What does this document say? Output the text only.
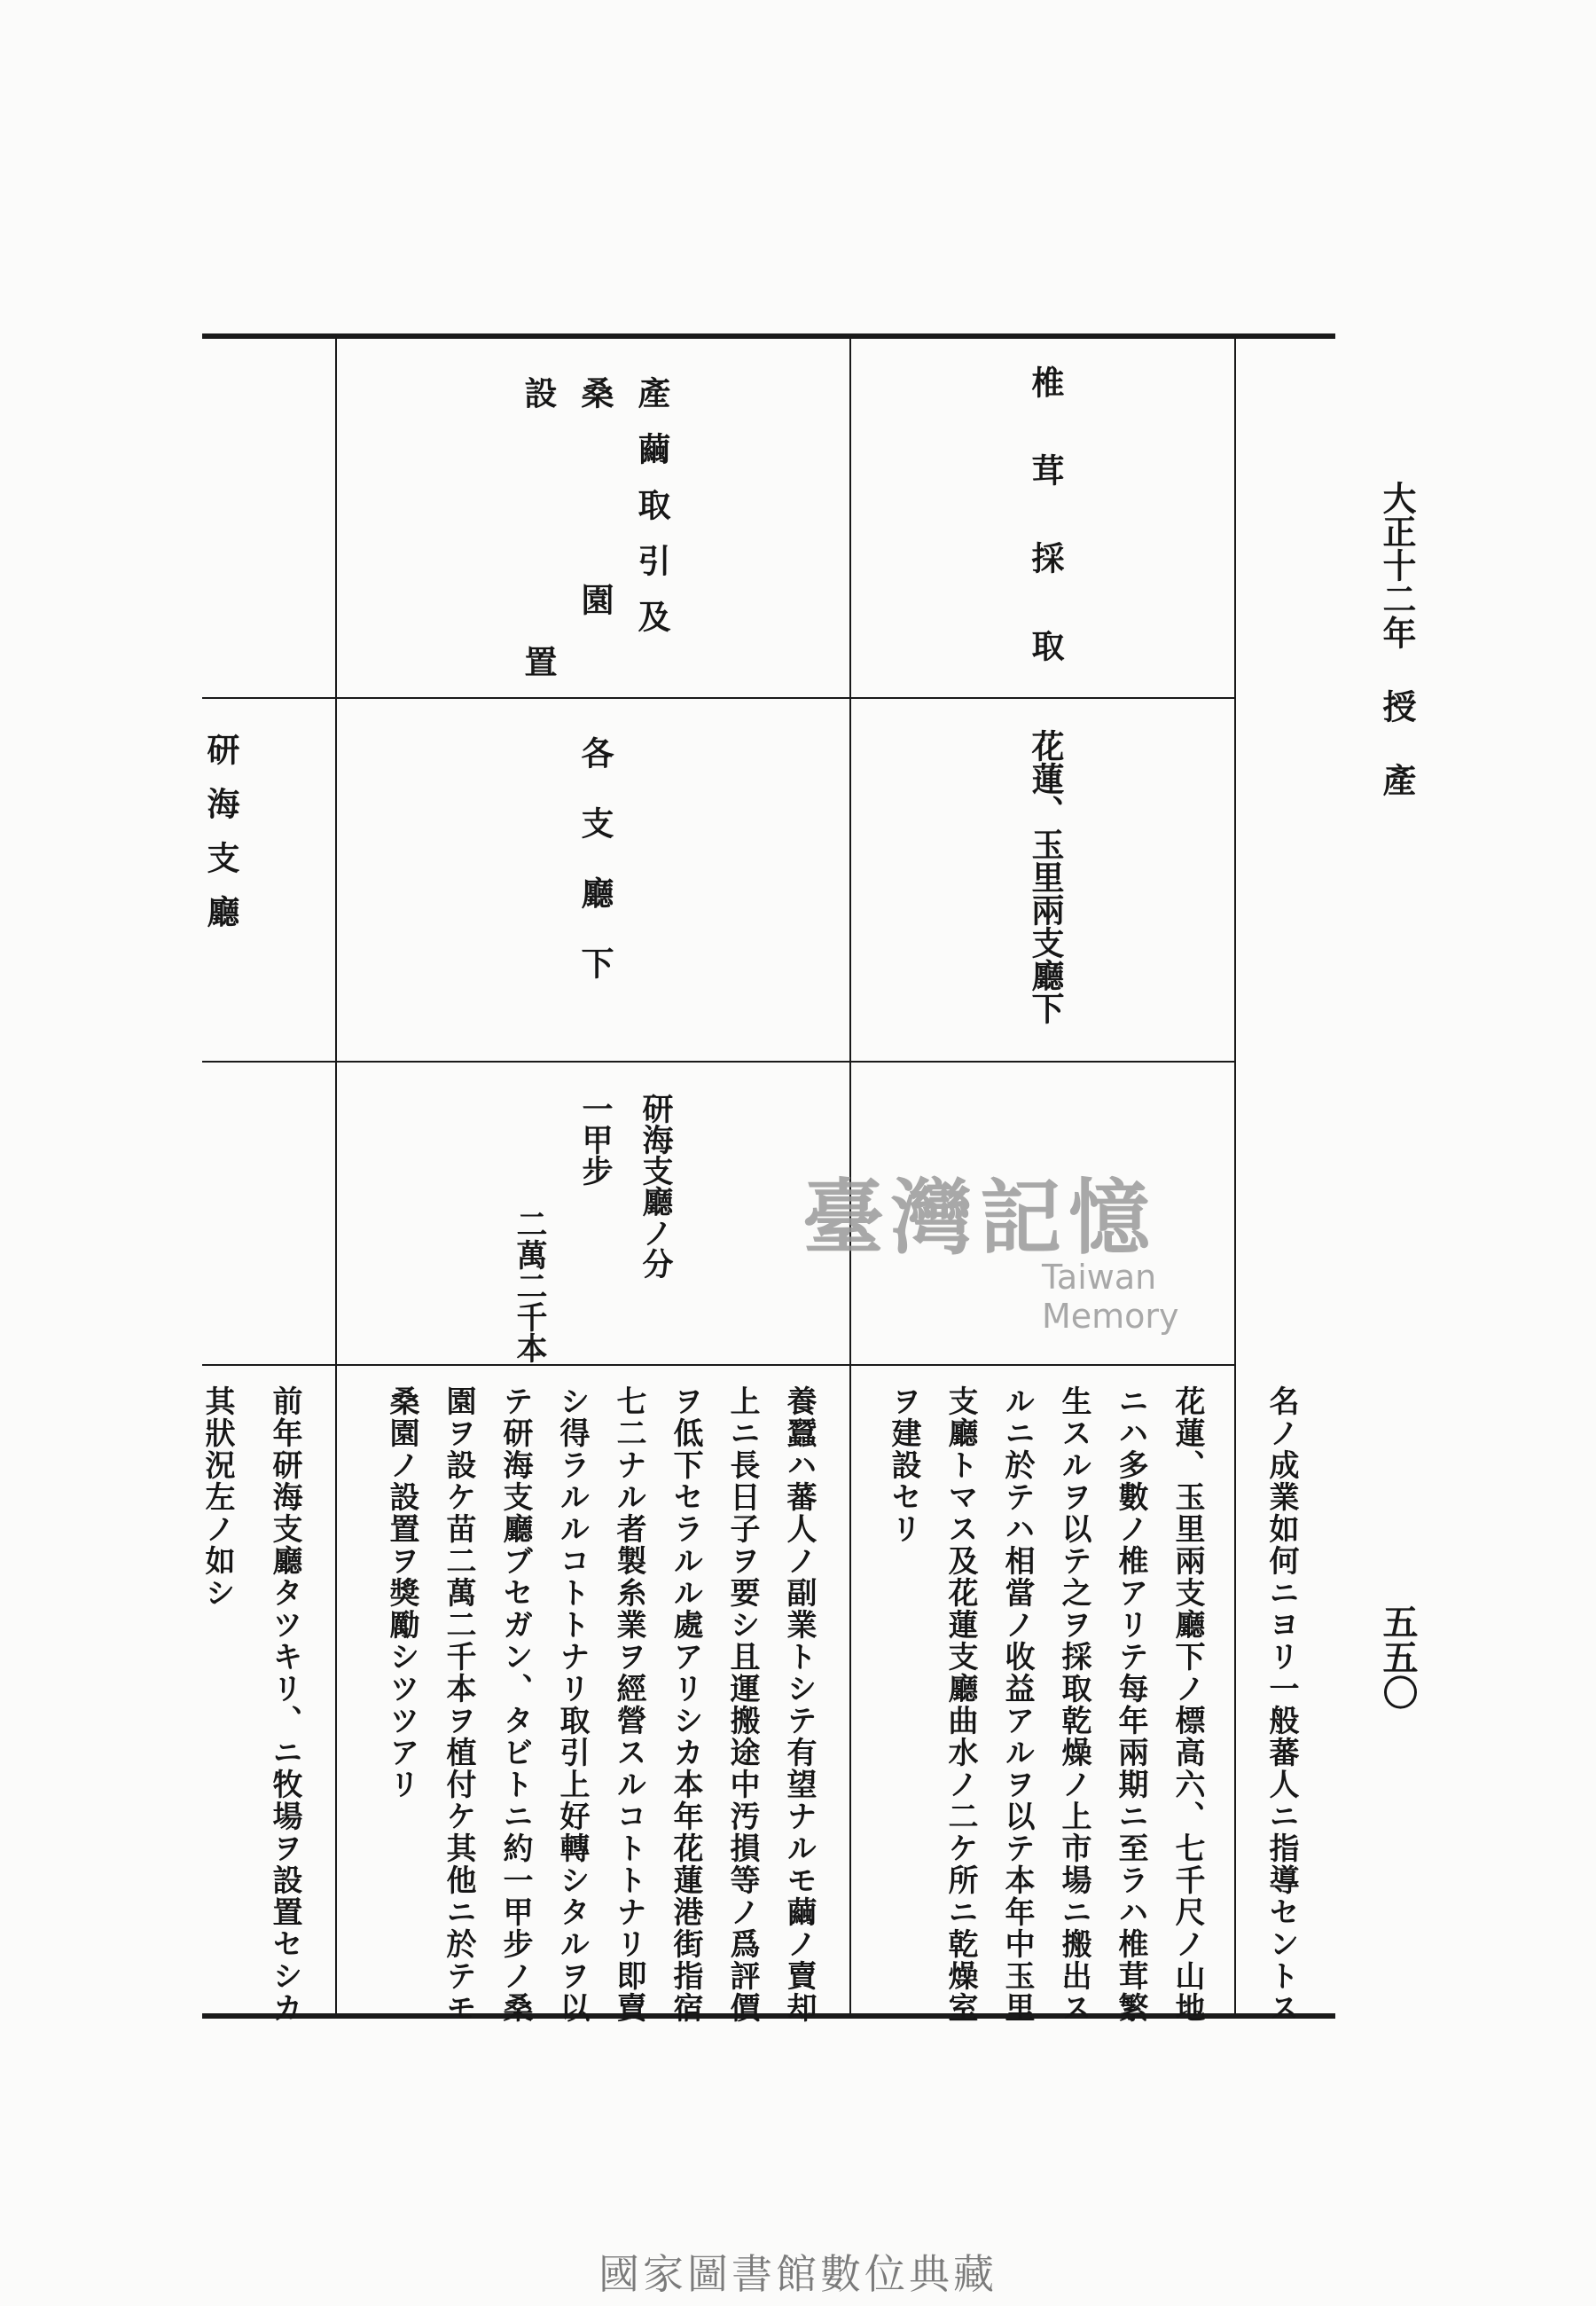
大正十二年 授 產
五五〇
椎茸採取
花蓮、玉里兩支廳下
花蓮、玉里兩支廳下ノ標高六、七千尺ノ山地
ニハ多數ノ椎アリテ每年兩期ニ至ラハ椎茸繁
生スルヲ以テ之ヲ採取乾燥ノ上市場ニ搬出ス
ルニ於テハ相當ノ收益アルヲ以テ本年中玉里
支廳トマス及花蓮支廳曲水ノ二ケ所ニ乾燥室
ヲ建設セリ
產繭取引及
桑園
設置 各支廳下
研海支廳ノ分
一甲步
二萬二千本
養蠶ハ蕃人ノ副業トシテ有望ナルモ繭ノ賣却
上ニ長日子ヲ要シ且運搬途中汚損等ノ爲評價
ヲ低下セラルル處アリシカ本年花蓮港街指宿
七二ナル者製糸業ヲ經營スルコトトナリ即賣
シ得ラルルコトトナリ取引上好轉シタルヲ以
テ研海支廳ブセガン、タビトニ約一甲步ノ桑
園ヲ設ケ苗二萬二千本ヲ植付ケ其他ニ於テモ
桑園ノ設置ヲ獎勵シツツアリ
研海支廳
前年研海支廳タツキリ、ニ牧場ヲ設置セシカ
其狀況左ノ如シ	名ノ成業如何ニヨリ一般蕃人ニ指導セントス
臺灣記憶
Taiwan Memory
國家圖書館數位典藏
